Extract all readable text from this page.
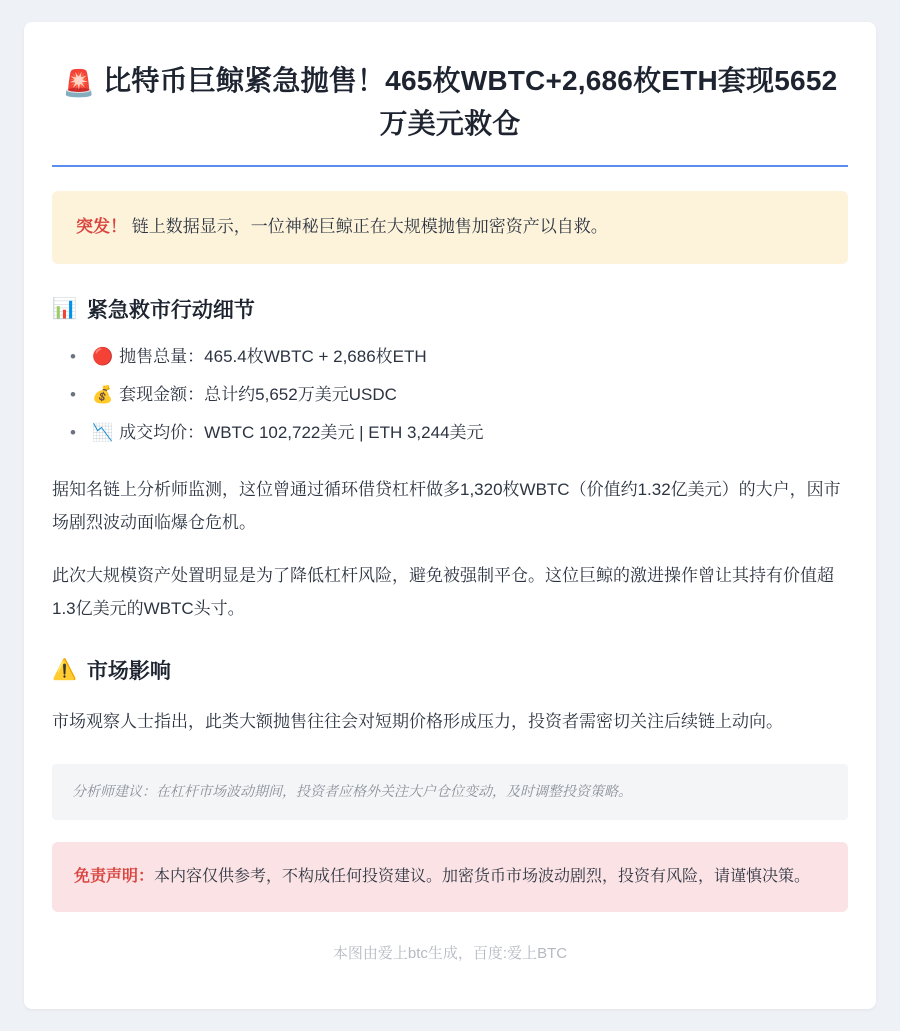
🚨 比特币巨鲸紧急抛售！465枚WBTC+2,686枚ETH套现5652万美元救仓
突发！ 链上数据显示，一位神秘巨鲸正在大规模抛售加密资产以自救。
📊 紧急救市行动细节
• 🔴 抛售总量：465.4枚WBTC + 2,686枚ETH
• 💰 套现金额：总计约5,652万美元USDC
• 📉 成交均价：WBTC 102,722美元 | ETH 3,244美元

据知名链上分析师监测，这位曾通过循环借贷杠杆做多1,320枚WBTC（价值约1.32亿美元）的大户，因市场剧烈波动面临爆仓危机。

此次大规模资产处置明显是为了降低杠杆风险，避免被强制平仓。这位巨鲸的激进操作曾让其持有价值超1.3亿美元的WBTC头寸。

⚠️ 市场影响

市场观察人士指出，此类大额抛售往往会对短期价格形成压力，投资者需密切关注后续链上动向。

分析师建议：在杠杆市场波动期间，投资者应格外关注大户仓位变动，及时调整投资策略。
免责声明：本内容仅供参考，不构成任何投资建议。加密货币市场波动剧烈，投资有风险，请谨慎决策。
本图由爱上btc生成，百度:爱上BTC
